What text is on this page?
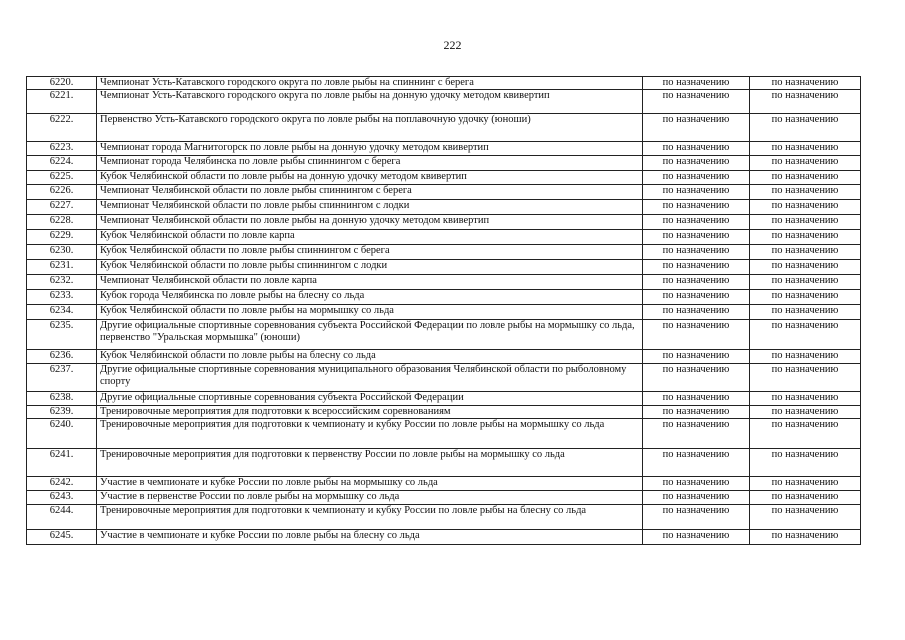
222
6220.	Чемпионат Усть-Катавского городского округа по ловле рыбы на спиннинг с берега	по назначению	по назначению
6221.	Чемпионат Усть-Катавского городского округа по ловле рыбы на донную удочку методом квивертип	по назначению	по назначению
6222.	Первенство Усть-Катавского городского округа по ловле рыбы на поплавочную удочку (юноши)	по назначению	по назначению
6223.	Чемпионат города Магнитогорск по ловле рыбы на донную удочку методом квивертип	по назначению	по назначению
6224.	Чемпионат города Челябинска по ловле рыбы спиннингом с берега	по назначению	по назначению
6225.	Кубок Челябинской области по ловле рыбы на донную удочку методом квивертип	по назначению	по назначению
6226.	Чемпионат Челябинской области по ловле рыбы спиннингом с берега	по назначению	по назначению
6227.	Чемпионат Челябинской области по ловле рыбы спиннингом с лодки	по назначению	по назначению
6228.	Чемпионат Челябинской области по ловле рыбы на донную удочку методом квивертип	по назначению	по назначению
6229.	Кубок Челябинской области по ловле карпа	по назначению	по назначению
6230.	Кубок Челябинской области по ловле рыбы спиннингом с берега	по назначению	по назначению
6231.	Кубок Челябинской области по ловле рыбы спиннингом с лодки	по назначению	по назначению
6232.	Чемпионат Челябинской области по ловле карпа	по назначению	по назначению
6233.	Кубок города Челябинска по ловле рыбы на блесну со льда	по назначению	по назначению
6234.	Кубок Челябинской области по ловле рыбы на мормышку со льда	по назначению	по назначению
6235.	Другие официальные спортивные соревнования субъекта Российской Федерации по ловле рыбы на мормышку со льда, первенство "Уральская мормышка" (юноши)	по назначению	по назначению
6236.	Кубок Челябинской области по ловле рыбы на блесну со льда	по назначению	по назначению
6237.	Другие официальные спортивные соревнования муниципального образования Челябинской области по рыболовному спорту	по назначению	по назначению
6238.	Другие официальные спортивные соревнования субъекта Российской Федерации	по назначению	по назначению
6239.	Тренировочные мероприятия для подготовки к всероссийским соревнованиям	по назначению	по назначению
6240.	Тренировочные мероприятия для подготовки к чемпионату и кубку России по ловле рыбы на мормышку со льда	по назначению	по назначению
6241.	Тренировочные мероприятия для подготовки к первенству России по ловле рыбы на мормышку со льда	по назначению	по назначению
6242.	Участие в чемпионате и кубке России по ловле рыбы на мормышку со льда	по назначению	по назначению
6243.	Участие в первенстве России по ловле рыбы на мормышку со льда	по назначению	по назначению
6244.	Тренировочные мероприятия для подготовки к чемпионату и кубку России по ловле рыбы на блесну со льда	по назначению	по назначению
6245.	Участие в чемпионате и кубке России по ловле рыбы на блесну со льда	по назначению	по назначению
